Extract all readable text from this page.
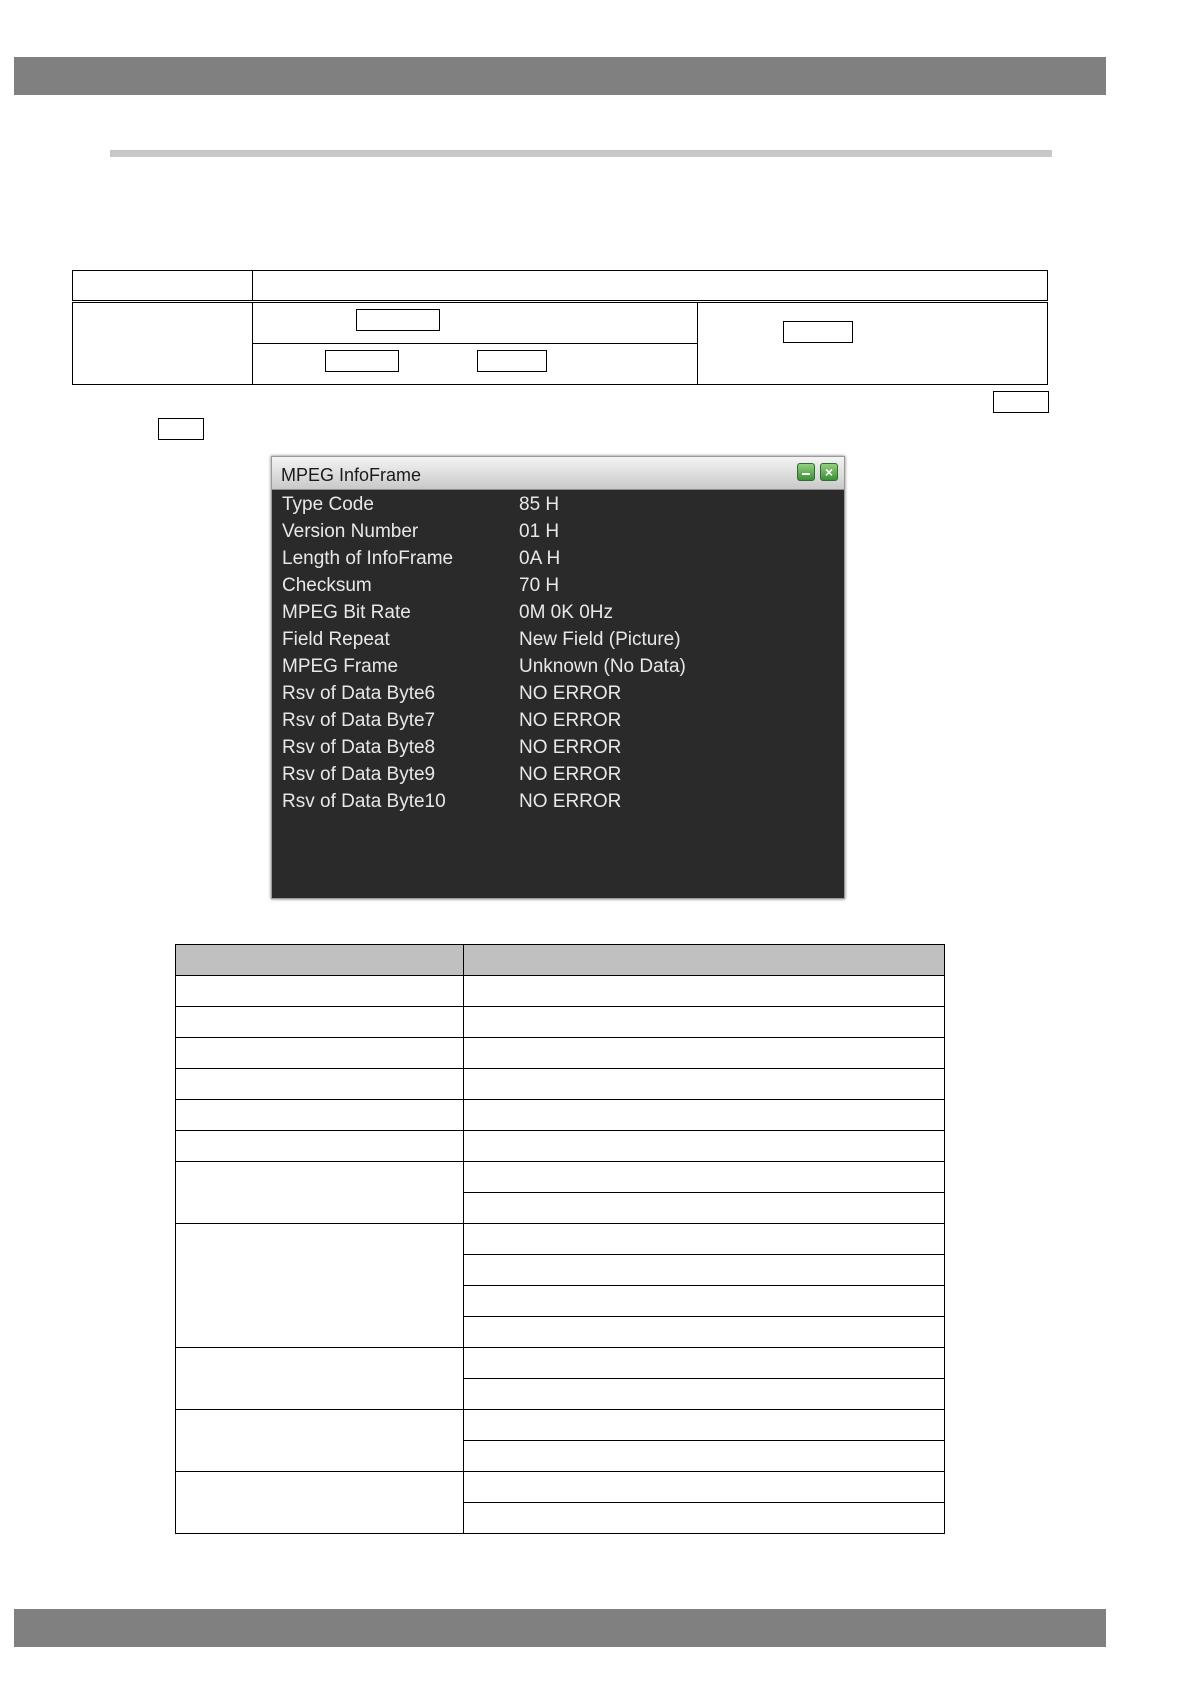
MPEG InfoFrame	×
Type Code	85 H
Version Number	01 H
Length of InfoFrame	0A H
Checksum	70 H
MPEG Bit Rate	0M 0K 0Hz
Field Repeat	New Field (Picture)
MPEG Frame	Unknown (No Data)
Rsv of Data Byte6	NO ERROR
Rsv of Data Byte7	NO ERROR
Rsv of Data Byte8	NO ERROR
Rsv of Data Byte9	NO ERROR
Rsv of Data Byte10	NO ERROR
